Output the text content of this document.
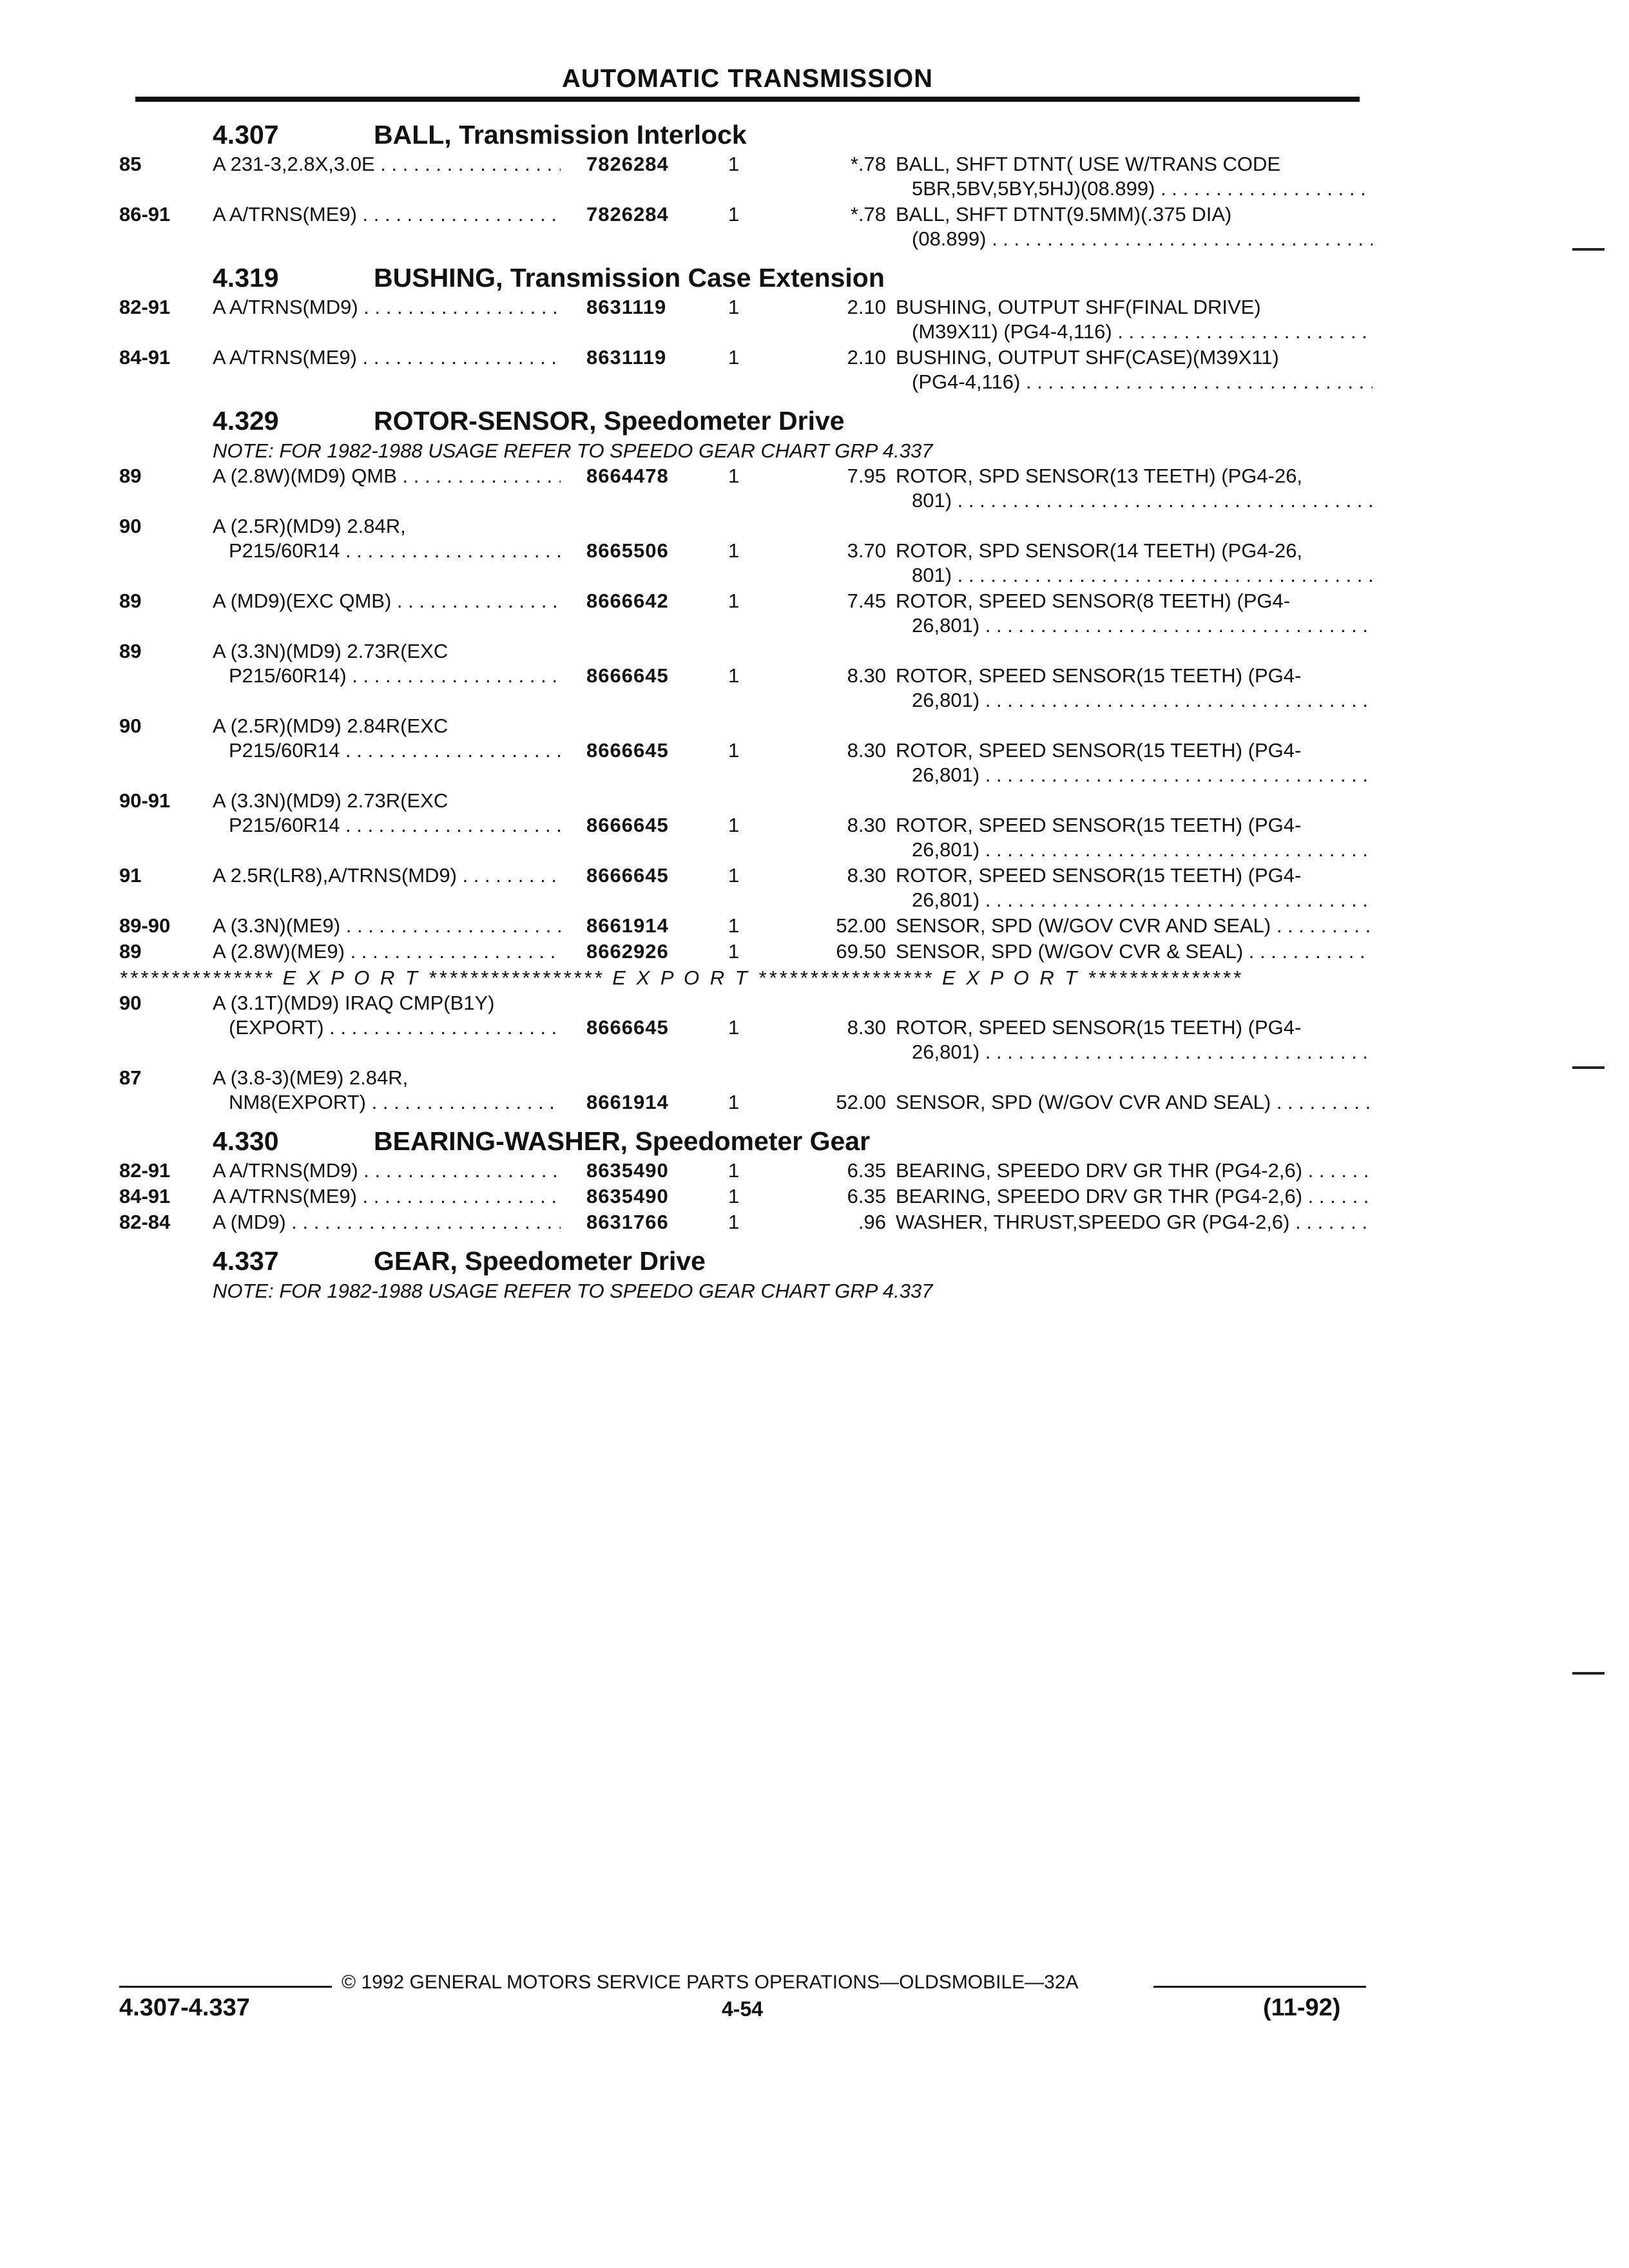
AUTOMATIC TRANSMISSION
4.307	BALL, Transmission Interlock
85	A 231-3,2.8X,3.0E . . .	7826284	1	*.78 BALL, SHFT DTNT( USE W/TRANS CODE
5BR,5BV,5BY,5HJ)(08.899) . . .
86-91 A A/TRNS(ME9) . . .	7826284	1	*.78 BALL, SHFT DTNT(9.5MM)(.375 DIA)
(08.899) . . .
4.319	BUSHING, Transmission Case Extension
82-91 A A/TRNS(MD9) . . .	8631119	1	2.10 BUSHING, OUTPUT SHF(FINAL DRIVE)
(M39X11) (PG4-4,116) . . .
84-91 A A/TRNS(ME9) . . .	8631119	1	2.10 BUSHING, OUTPUT SHF(CASE)(M39X11)
(PG4-4,116) . . .
4.329	ROTOR-SENSOR, Speedometer Drive
NOTE: FOR 1982-1988 USAGE REFER TO SPEEDO GEAR CHART GRP 4.337
89	A (2.8W)(MD9) QMB . . .	8664478	1	7.95 ROTOR, SPD SENSOR(13 TEETH) (PG4-26,
801) . . .
90	A (2.5R)(MD9) 2.84R,
P215/60R14 . . .	8665506	1	3.70 ROTOR, SPD SENSOR(14 TEETH) (PG4-26,
801) . . .
89	A (MD9)(EXC QMB) . . .	8666642	1	7.45 ROTOR, SPEED SENSOR(8 TEETH) (PG4-
26,801) . . .
89	A (3.3N)(MD9) 2.73R(EXC
P215/60R14) . . .	8666645	1	8.30 ROTOR, SPEED SENSOR(15 TEETH) (PG4-
26,801) . . .
90	A (2.5R)(MD9) 2.84R(EXC
P215/60R14 . . .	8666645	1	8.30 ROTOR, SPEED SENSOR(15 TEETH) (PG4-
26,801) . . .
90-91 A (3.3N)(MD9) 2.73R(EXC
P215/60R14 . . .	8666645	1	8.30 ROTOR, SPEED SENSOR(15 TEETH) (PG4-
26,801) . . .
91	A 2.5R(LR8),A/TRNS(MD9) . . .	8666645	1	8.30 ROTOR, SPEED SENSOR(15 TEETH) (PG4-
26,801) . . .
89-90 A (3.3N)(ME9) . . .	8661914	1	52.00 SENSOR, SPD (W/GOV CVR AND SEAL) . . .
89	A (2.8W)(ME9) . . .	8662926	1	69.50 SENSOR, SPD (W/GOV CVR & SEAL) . . .
*************** E X P O R T ***************** E X P O R T ***************** E X P O R T ***************
90	A (3.1T)(MD9) IRAQ CMP(B1Y)
(EXPORT) . . .	8666645	1	8.30 ROTOR, SPEED SENSOR(15 TEETH) (PG4-
26,801) . . .
87	A (3.8-3)(ME9) 2.84R,
NM8(EXPORT) . . .	8661914	1	52.00 SENSOR, SPD (W/GOV CVR AND SEAL) . . .
4.330	BEARING-WASHER, Speedometer Gear
82-91 A A/TRNS(MD9) . . .	8635490	1	6.35 BEARING, SPEEDO DRV GR THR (PG4-2,6) . . .
84-91 A A/TRNS(ME9) . . .	8635490	1	6.35 BEARING, SPEEDO DRV GR THR (PG4-2,6) . . .
82-84 A (MD9) . . .	8631766	1	.96 WASHER, THRUST,SPEEDO GR (PG4-2,6) . . .
4.337	GEAR, Speedometer Drive
NOTE: FOR 1982-1988 USAGE REFER TO SPEEDO GEAR CHART GRP 4.337
© 1992 GENERAL MOTORS SERVICE PARTS OPERATIONS—OLDSMOBILE—32A
4.307-4.337	4-54	(11-92)
